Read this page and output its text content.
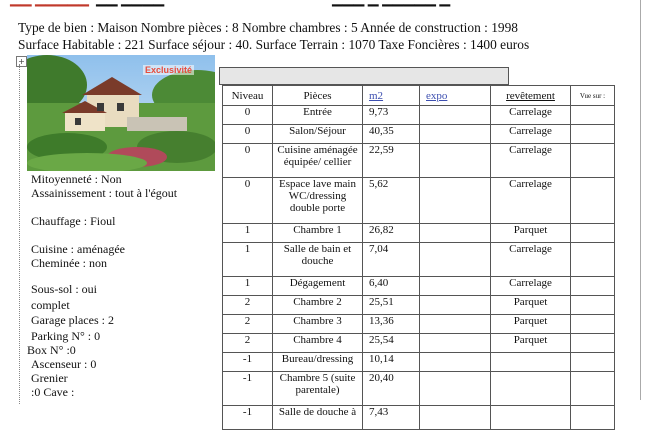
Type de bien : Maison Nombre pièces : 8 Nombre chambres : 5 Année de construction : 1998
Surface Habitable : 221 Surface séjour : 40. Surface Terrain : 1070 Taxe Foncières : 1400 euros
+
Exclusivité
Mitoyenneté : Non
Assainissement : tout à l'égout
Chauffage : Fioul
Cuisine : aménagée
Cheminée : non
Sous-sol : oui
complet
Garage places : 2
Parking N° : 0
Box N° :0
Ascenseur : 0
Grenier
:0 Cave :
Niveau	Pièces	m2	expo	revêtement	Vue sur :
0	Entrée	9,73		Carrelage	
0	Salon/Séjour	40,35		Carrelage	
0	Cuisine aménagée équipée/ cellier	22,59		Carrelage	
0	Espace lave main WC/dressing double porte	5,62		Carrelage	
1	Chambre 1	26,82		Parquet	
1	Salle de bain et douche	7,04		Carrelage	
1	Dégagement	6,40		Carrelage	
2	Chambre 2	25,51		Parquet	
2	Chambre 3	13,36		Parquet	
2	Chambre 4	25,54		Parquet	
-1	Bureau/dressing	10,14			
-1	Chambre 5 (suite parentale)	20,40			
-1	Salle de douche à	7,43			
